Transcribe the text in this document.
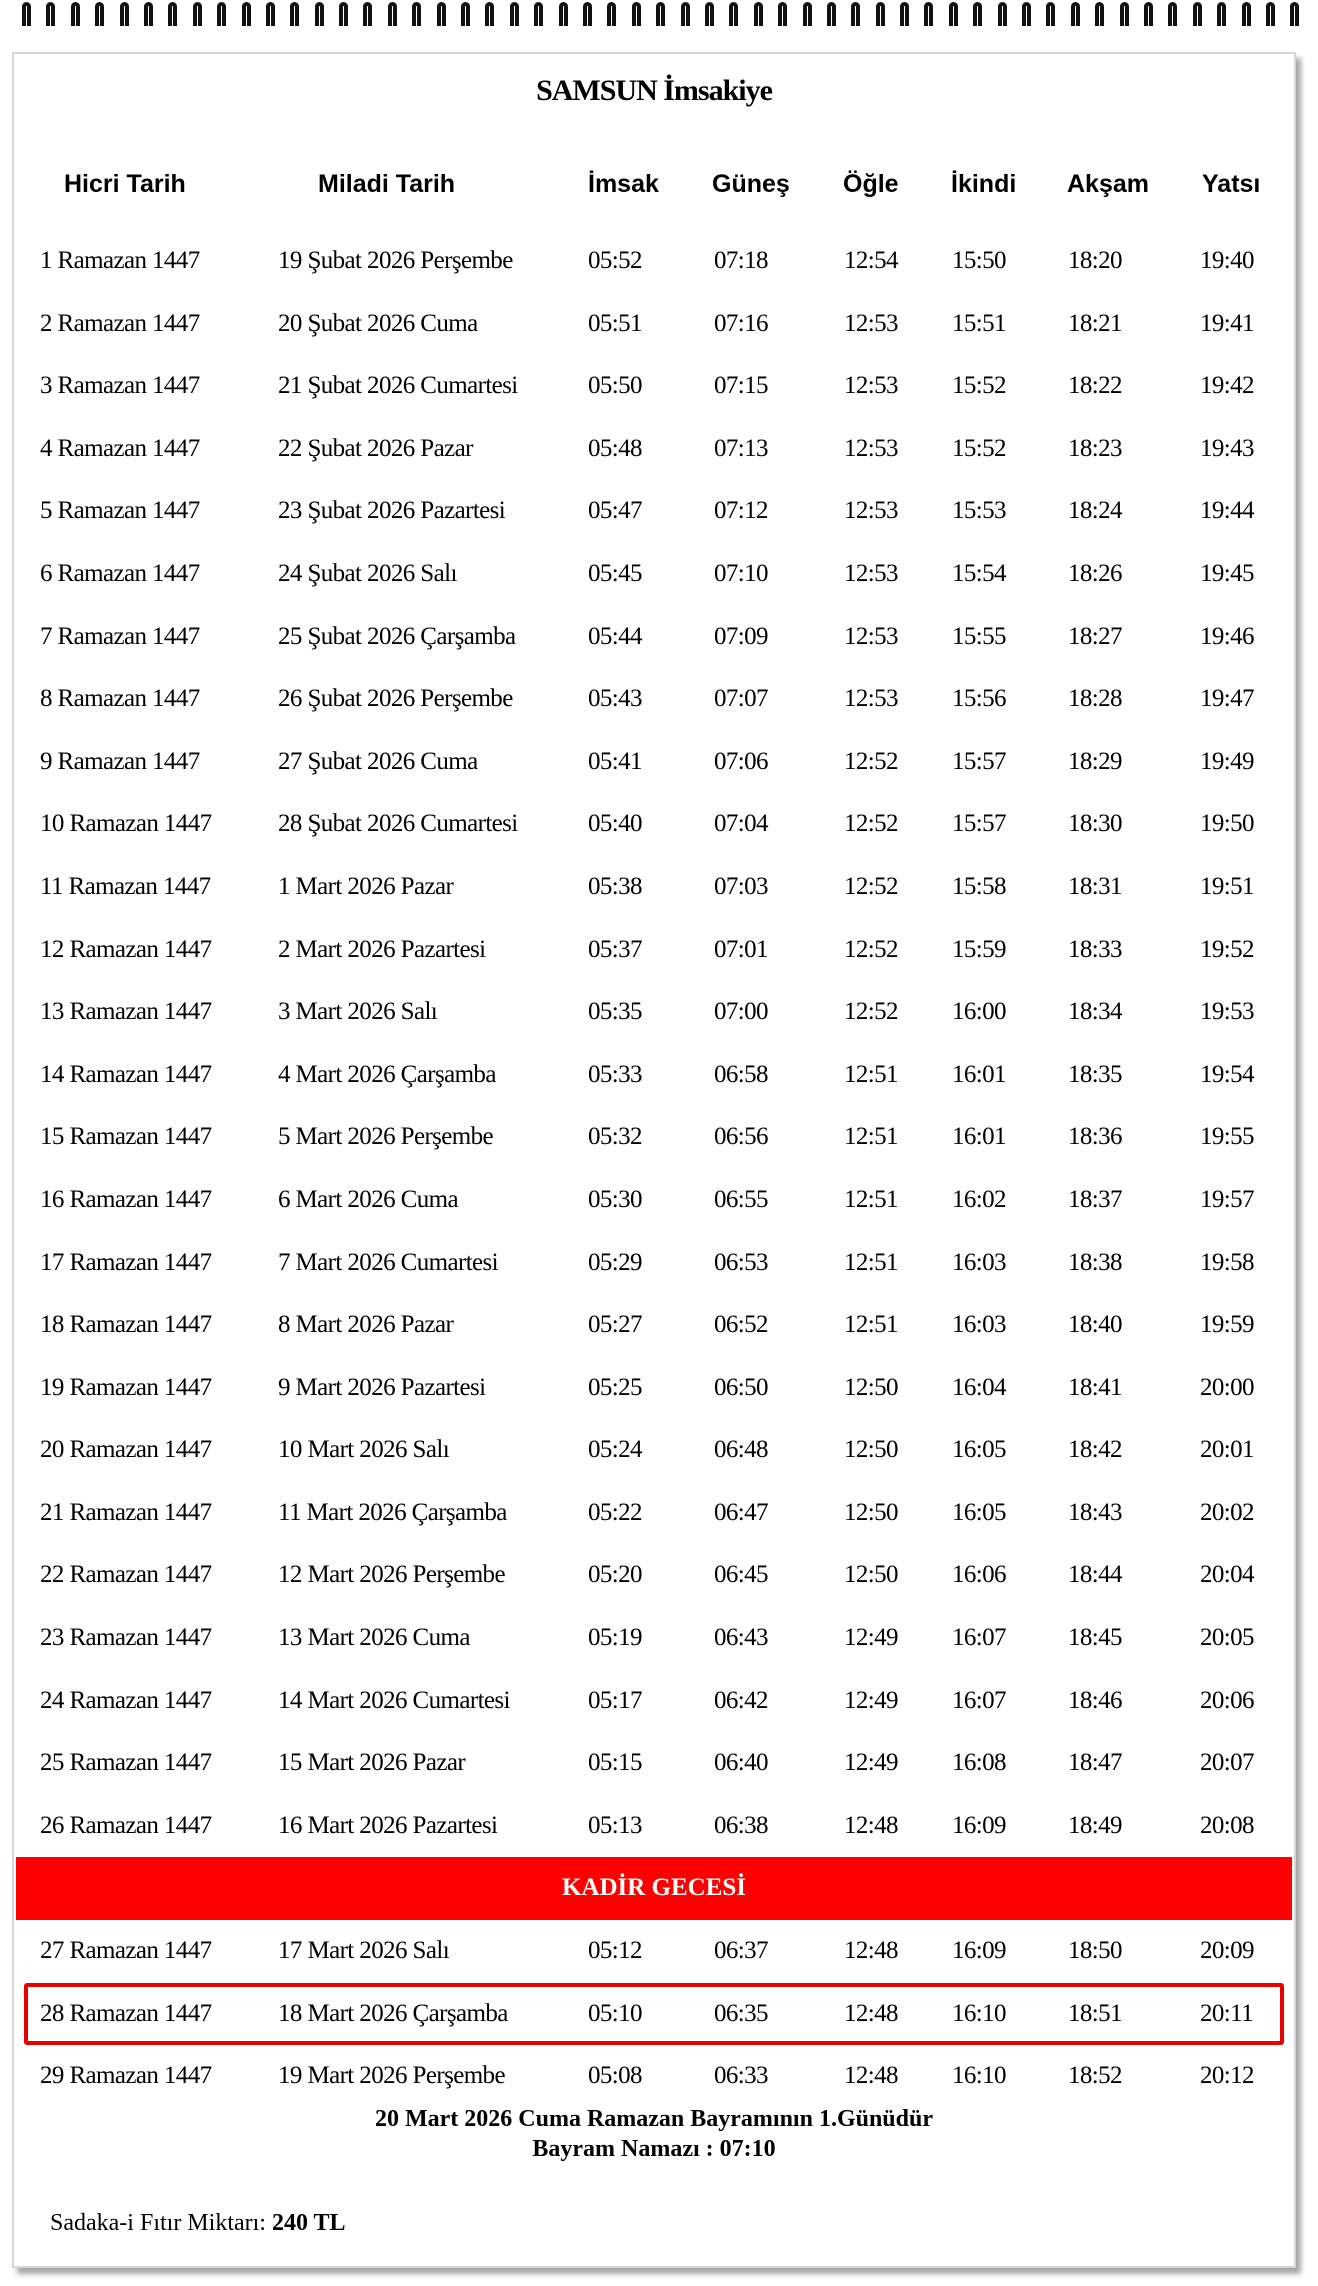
SAMSUN İmsakiye
Hicri Tarih	Miladi Tarih	İmsak Güneş Öğle İkindi Akşam Yatsı
1 Ramazan 1447	19 Şubat 2026 Perşembe	05:52	07:18	12:54 15:50 18:20	19:40
2 Ramazan 1447	20 Şubat 2026 Cuma	05:51	07:16	12:53 15:51 18:21	19:41
3 Ramazan 1447	21 Şubat 2026 Cumartesi	05:50	07:15	12:53 15:52 18:22	19:42
4 Ramazan 1447	22 Şubat 2026 Pazar	05:48	07:13	12:53 15:52 18:23	19:43
5 Ramazan 1447	23 Şubat 2026 Pazartesi	05:47	07:12	12:53 15:53 18:24	19:44
6 Ramazan 1447	24 Şubat 2026 Salı	05:45	07:10	12:53 15:54 18:26	19:45
7 Ramazan 1447	25 Şubat 2026 Çarşamba	05:44	07:09	12:53 15:55 18:27	19:46
8 Ramazan 1447	26 Şubat 2026 Perşembe	05:43	07:07	12:53 15:56 18:28	19:47
9 Ramazan 1447	27 Şubat 2026 Cuma	05:41	07:06	12:52 15:57 18:29	19:49
10 Ramazan 1447	28 Şubat 2026 Cumartesi	05:40	07:04	12:52 15:57 18:30	19:50
11 Ramazan 1447	1 Mart 2026 Pazar	05:38	07:03	12:52 15:58 18:31	19:51
12 Ramazan 1447	2 Mart 2026 Pazartesi	05:37	07:01	12:52 15:59 18:33	19:52
13 Ramazan 1447	3 Mart 2026 Salı	05:35	07:00	12:52 16:00 18:34	19:53
14 Ramazan 1447	4 Mart 2026 Çarşamba	05:33	06:58	12:51 16:01 18:35	19:54
15 Ramazan 1447	5 Mart 2026 Perşembe	05:32	06:56	12:51 16:01 18:36	19:55
16 Ramazan 1447	6 Mart 2026 Cuma	05:30	06:55	12:51 16:02 18:37	19:57
17 Ramazan 1447	7 Mart 2026 Cumartesi	05:29	06:53	12:51 16:03 18:38	19:58
18 Ramazan 1447	8 Mart 2026 Pazar	05:27	06:52	12:51 16:03 18:40	19:59
19 Ramazan 1447	9 Mart 2026 Pazartesi	05:25	06:50	12:50 16:04 18:41	20:00
20 Ramazan 1447	10 Mart 2026 Salı	05:24	06:48	12:50 16:05 18:42	20:01
21 Ramazan 1447	11 Mart 2026 Çarşamba	05:22	06:47	12:50 16:05 18:43	20:02
22 Ramazan 1447	12 Mart 2026 Perşembe	05:20	06:45	12:50 16:06 18:44	20:04
23 Ramazan 1447	13 Mart 2026 Cuma	05:19	06:43	12:49 16:07 18:45	20:05
24 Ramazan 1447	14 Mart 2026 Cumartesi	05:17	06:42	12:49 16:07 18:46	20:06
25 Ramazan 1447	15 Mart 2026 Pazar	05:15	06:40	12:49 16:08 18:47	20:07
26 Ramazan 1447	16 Mart 2026 Pazartesi	05:13	06:38	12:48 16:09 18:49	20:08
KADİR GECESİ
27 Ramazan 1447	17 Mart 2026 Salı	05:12	06:37	12:48 16:09 18:50	20:09
28 Ramazan 1447	18 Mart 2026 Çarşamba	05:10	06:35	12:48 16:10 18:51	20:11
29 Ramazan 1447	19 Mart 2026 Perşembe	05:08	06:33	12:48 16:10 18:52	20:12
20 Mart 2026 Cuma Ramazan Bayramının 1.Günüdür
Bayram Namazı : 07:10
Sadaka-i Fıtır Miktarı: 240 TL
